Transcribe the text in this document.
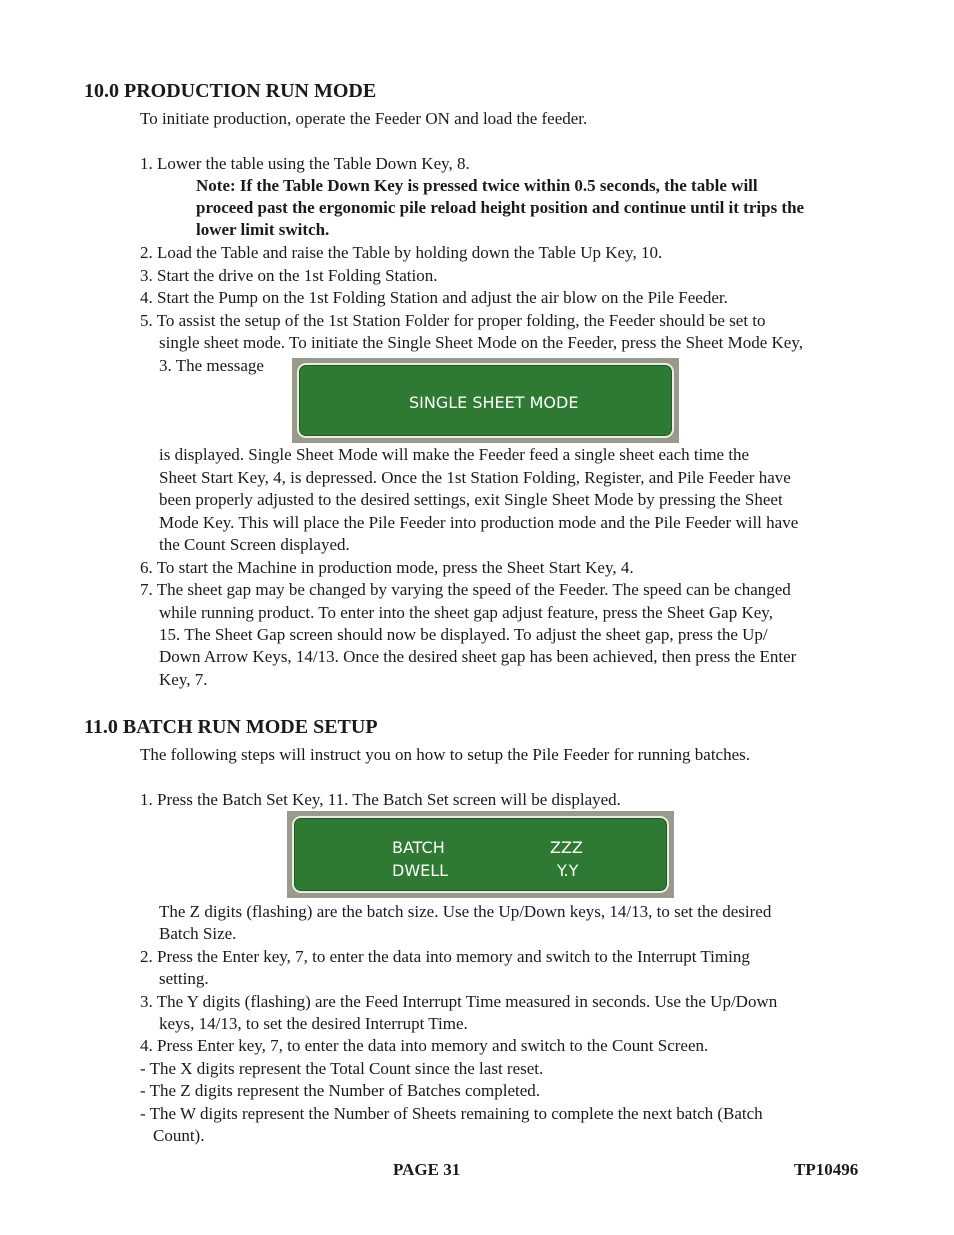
10.0 PRODUCTION RUN MODE
To initiate production, operate the Feeder ON and load the feeder.
1. Lower the table using the Table Down Key, 8.
Note: If the Table Down Key is pressed twice within 0.5 seconds, the table will
proceed past the ergonomic pile reload height position and continue until it trips the
lower limit switch.
2. Load the Table and raise the Table by holding down the Table Up Key, 10.
3. Start the drive on the 1st Folding Station.
4. Start the Pump on the 1st Folding Station and adjust the air blow on the Pile Feeder.
5. To assist the setup of the 1st Station Folder for proper folding, the Feeder should be set to
single sheet mode. To initiate the Single Sheet Mode on the Feeder, press the Sheet Mode Key,
3. The message
SINGLE SHEET MODE
is displayed. Single Sheet Mode will make the Feeder feed a single sheet each time the
Sheet Start Key, 4, is depressed. Once the 1st Station Folding, Register, and Pile Feeder have
been properly adjusted to the desired settings, exit Single Sheet Mode by pressing the Sheet
Mode Key. This will place the Pile Feeder into production mode and the Pile Feeder will have
the Count Screen displayed.
6. To start the Machine in production mode, press the Sheet Start Key, 4.
7. The sheet gap may be changed by varying the speed of the Feeder. The speed can be changed
while running product. To enter into the sheet gap adjust feature, press the Sheet Gap Key,
15. The Sheet Gap screen should now be displayed. To adjust the sheet gap, press the Up/
Down Arrow Keys, 14/13. Once the desired sheet gap has been achieved, then press the Enter
Key, 7.
11.0 BATCH RUN MODE SETUP
The following steps will instruct you on how to setup the Pile Feeder for running batches.
1. Press the Batch Set Key, 11. The Batch Set screen will be displayed.
BATCH	ZZZ
DWELL	Y.Y
The Z digits (flashing) are the batch size. Use the Up/Down keys, 14/13, to set the desired
Batch Size.
2. Press the Enter key, 7, to enter the data into memory and switch to the Interrupt Timing
setting.
3. The Y digits (flashing) are the Feed Interrupt Time measured in seconds. Use the Up/Down
keys, 14/13, to set the desired Interrupt Time.
4. Press Enter key, 7, to enter the data into memory and switch to the Count Screen.
- The X digits represent the Total Count since the last reset.
- The Z digits represent the Number of Batches completed.
- The W digits represent the Number of Sheets remaining to complete the next batch (Batch
Count).
PAGE 31	TP10496
